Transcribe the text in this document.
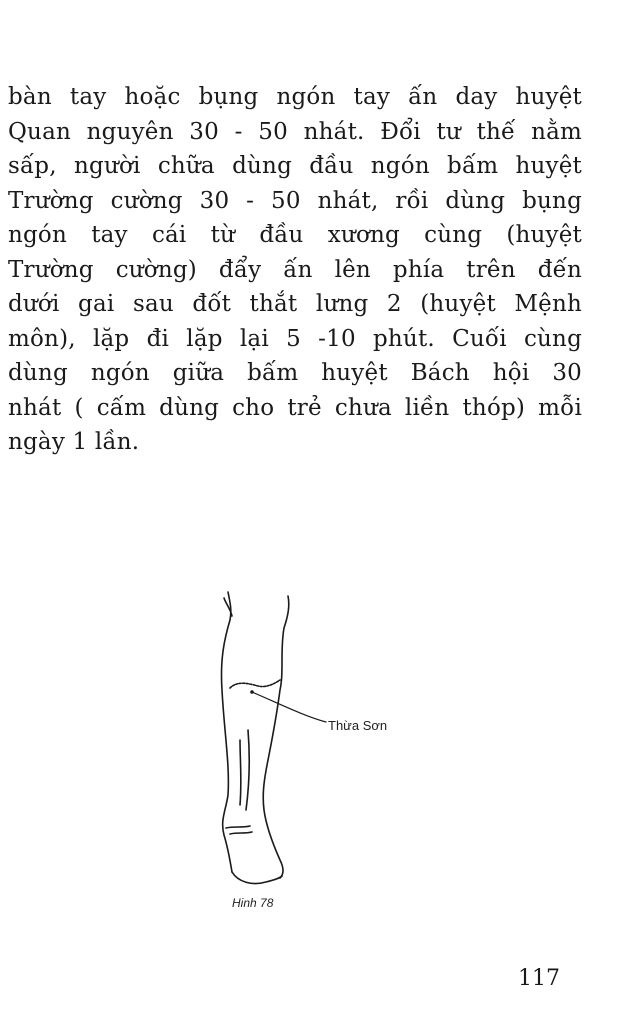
bàn tay hoặc bụng ngón tay ấn day huyệt
Quan nguyên 30 - 50 nhát. Đổi tư thế nằm
sấp, người chữa dùng đầu ngón bấm huyệt
Trường cường 30 - 50 nhát, rồi dùng bụng
ngón tay cái từ đầu xương cùng (huyệt
Trường cường) đẩy ấn lên phía trên đến
dưới gai sau đốt thắt lưng 2 (huyệt Mệnh
môn), lặp đi lặp lại 5 -10 phút. Cuối cùng
dùng ngón giữa bấm huyệt Bách hội 30
nhát ( cấm dùng cho trẻ chưa liền thóp) mỗi
ngày 1 lần.
Thừa Sơn
Hinh 78
117
